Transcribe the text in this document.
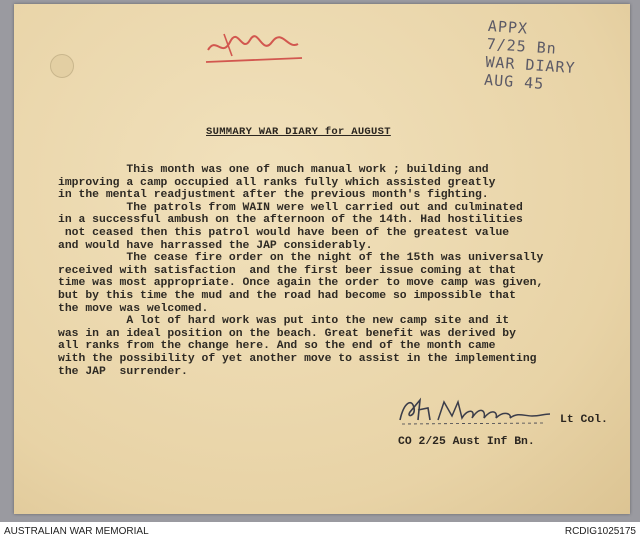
APPX
7/25 Bn
WAR DIARY
AUG 45
SUMMARY WAR DIARY for AUGUST
This month was one of much manual work ; building and
improving a camp occupied all ranks fully which assisted greatly
in the mental readjustment after the previous month's fighting.
The patrols from WAIN were well carried out and culminated
in a successful ambush on the afternoon of the 14th. Had hostilities
not ceased then this patrol would have been of the greatest value
and would have harrassed the JAP considerably.
The cease fire order on the night of the 15th was universally
received with satisfaction  and the first beer issue coming at that
time was most appropriate. Once again the order to move camp was given,
but by this time the mud and the road had become so impossible that
the move was welcomed.
A lot of hard work was put into the new camp site and it
was in an ideal position on the beach. Great benefit was derived by
all ranks from the change here. And so the end of the month came
with the possibility of yet another move to assist in the implementing
the JAP  surrender.
Lt Col.
CO 2/25 Aust Inf Bn.
AUSTRALIAN WAR MEMORIAL	RCDIG1025175
